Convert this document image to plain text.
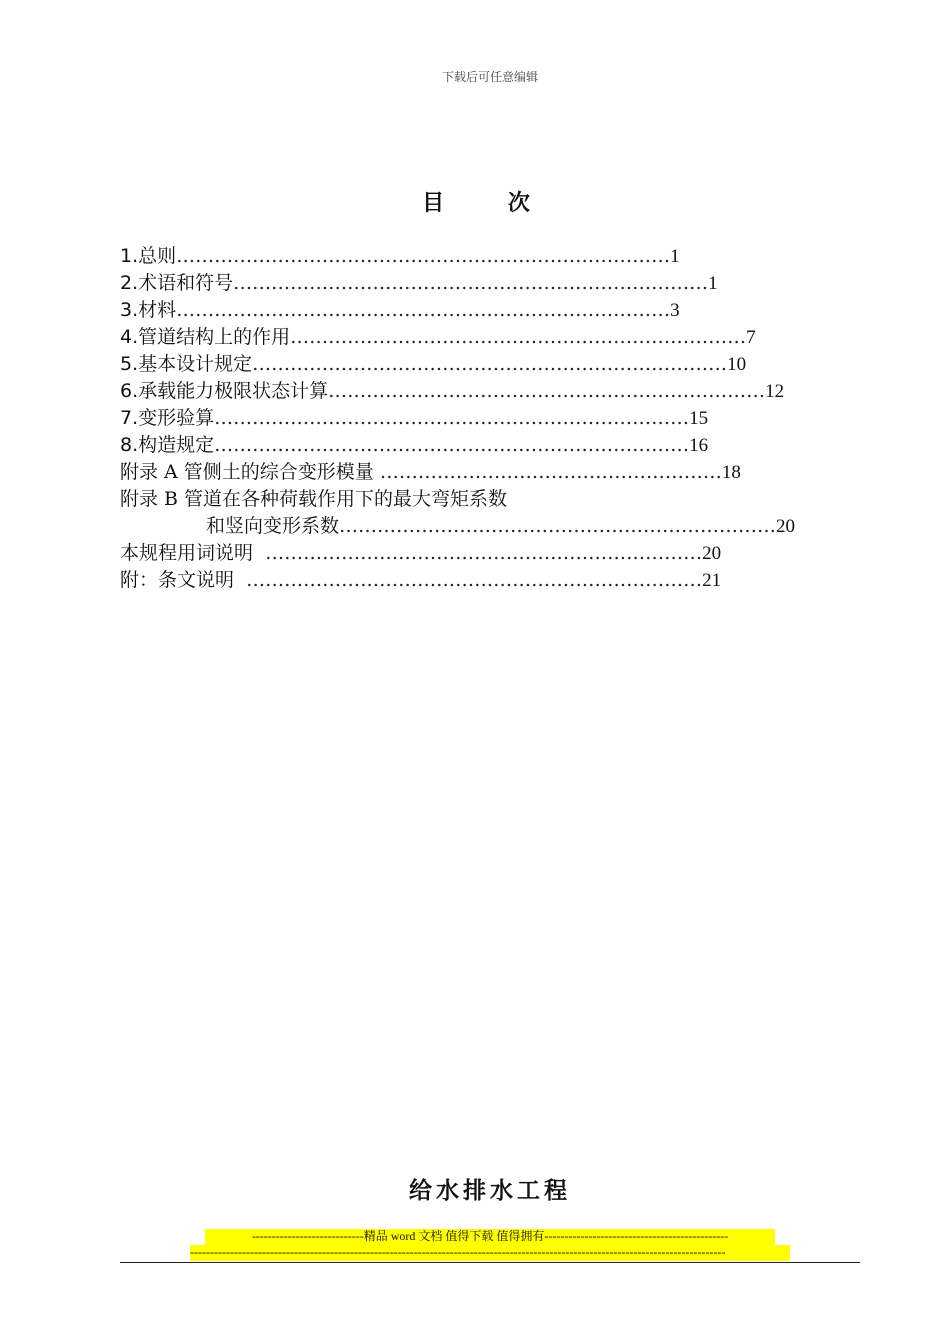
下载后可任意编辑
目 次
1. 总则 …………………………………………………………………… 1
2. 术语和符号 ………………………………………………………………… 1
3. 材料 …………………………………………………………………… 3
4. 管道结构上的作用 ……………………………………………………………… 7
5. 基本设计规定 ………………………………………………………………… 10
6. 承载能力极限状态计算 …………………………………………………………… 12
7. 变形验算 ………………………………………………………………… 15
8. 构造规定 ………………………………………………………………… 16
附录 A 管侧土的综合变形模量 ……………………………………………… 18
附录 B 管道在各种荷载作用下的最大弯矩系数
和竖向变形系数 …………………………………………………………… 20
本规程用词说明 …………………………………………………………… 20
附：条文说明 ……………………………………………………………… 21
给水排水工程
----------------------------精品 word 文档 值得下载 值得拥有----------------------------------------------
--------------------------------------------------------------------------------------------------------------------------------------
